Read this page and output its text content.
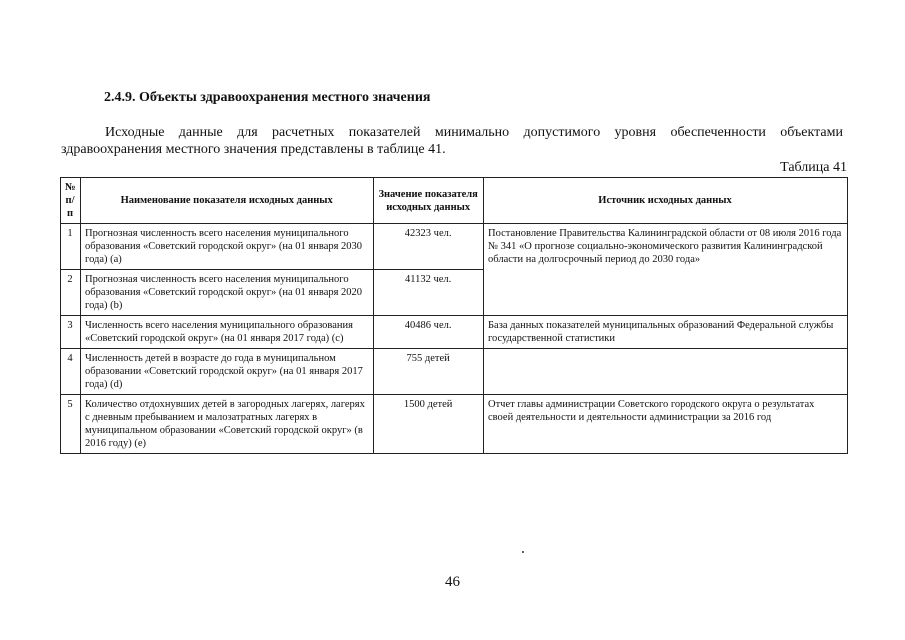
2.4.9. Объекты здравоохранения местного значения
Исходные данные для расчетных показателей минимально допустимого уровня обеспеченности объектами здравоохранения местного значения представлены в таблице 41.
Таблица 41
№ п/п	Наименование показателя исходных данных	Значение показателя исходных данных	Источник исходных данных
1	Прогнозная численность всего населения муниципального образования «Советский городской округ» (на 01 января 2030 года) (a)	42323 чел.	Постановление Правительства Калининградской области от 08 июля 2016 года № 341 «О прогнозе социально-экономического развития Калининградской области на долгосрочный период до 2030 года»
2	Прогнозная численность всего населения муниципального образования «Советский городской округ» (на 01 января 2020 года) (b)	41132 чел.	
3	Численность всего населения муниципального образования «Советский городской округ» (на 01 января 2017 года) (c)	40486 чел.	База данных показателей муниципальных образований Федеральной службы государственной статистики
4	Численность детей в возрасте до года в муниципальном образовании «Советский городской округ» (на 01 января 2017 года) (d)	755 детей	
5	Количество отдохнувших детей в загородных лагерях, лагерях с дневным пребыванием и малозатратных лагерях в муниципальном образовании «Советский городской округ» (в 2016 году) (e)	1500 детей	Отчет главы администрации Советского городского округа о результатах своей деятельности и деятельности администрации за 2016 год
46
